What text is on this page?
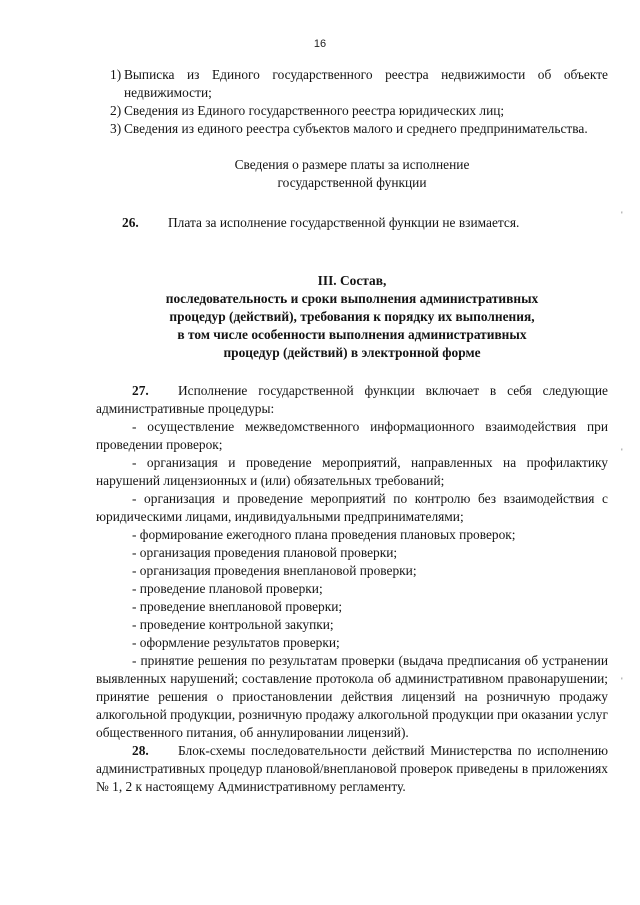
16
'
'
'
1) Выписка из Единого государственного реестра недвижимости об объекте недвижимости;
2) Сведения из Единого государственного реестра юридических лиц;
3) Сведения из единого реестра субъектов малого и среднего предпринимательства.
Сведения о размере платы за исполнение
государственной функции
26. Плата за исполнение государственной функции не взимается.
III. Состав,
последовательность и сроки выполнения административных
процедур (действий), требования к порядку их выполнения,
в том числе особенности выполнения административных
процедур (действий) в электронной форме
27. Исполнение государственной функции включает в себя следующие административные процедуры:
- осуществление межведомственного информационного взаимодействия при проведении проверок;
- организация и проведение мероприятий, направленных на профилактику нарушений лицензионных и (или) обязательных требований;
- организация и проведение мероприятий по контролю без взаимодействия с юридическими лицами, индивидуальными предпринимателями;
- формирование ежегодного плана проведения плановых проверок;
- организация проведения плановой проверки;
- организация проведения внеплановой проверки;
- проведение плановой проверки;
- проведение внеплановой проверки;
- проведение контрольной закупки;
- оформление результатов проверки;
- принятие решения по результатам проверки (выдача предписания об устранении выявленных нарушений; составление протокола об административном правонарушении; принятие решения о приостановлении действия лицензий на розничную продажу алкогольной продукции, розничную продажу алкогольной продукции при оказании услуг общественного питания, об аннулировании лицензий).
28. Блок-схемы последовательности действий Министерства по исполнению административных процедур плановой/внеплановой проверок приведены в приложениях № 1, 2 к настоящему Административному регламенту.
